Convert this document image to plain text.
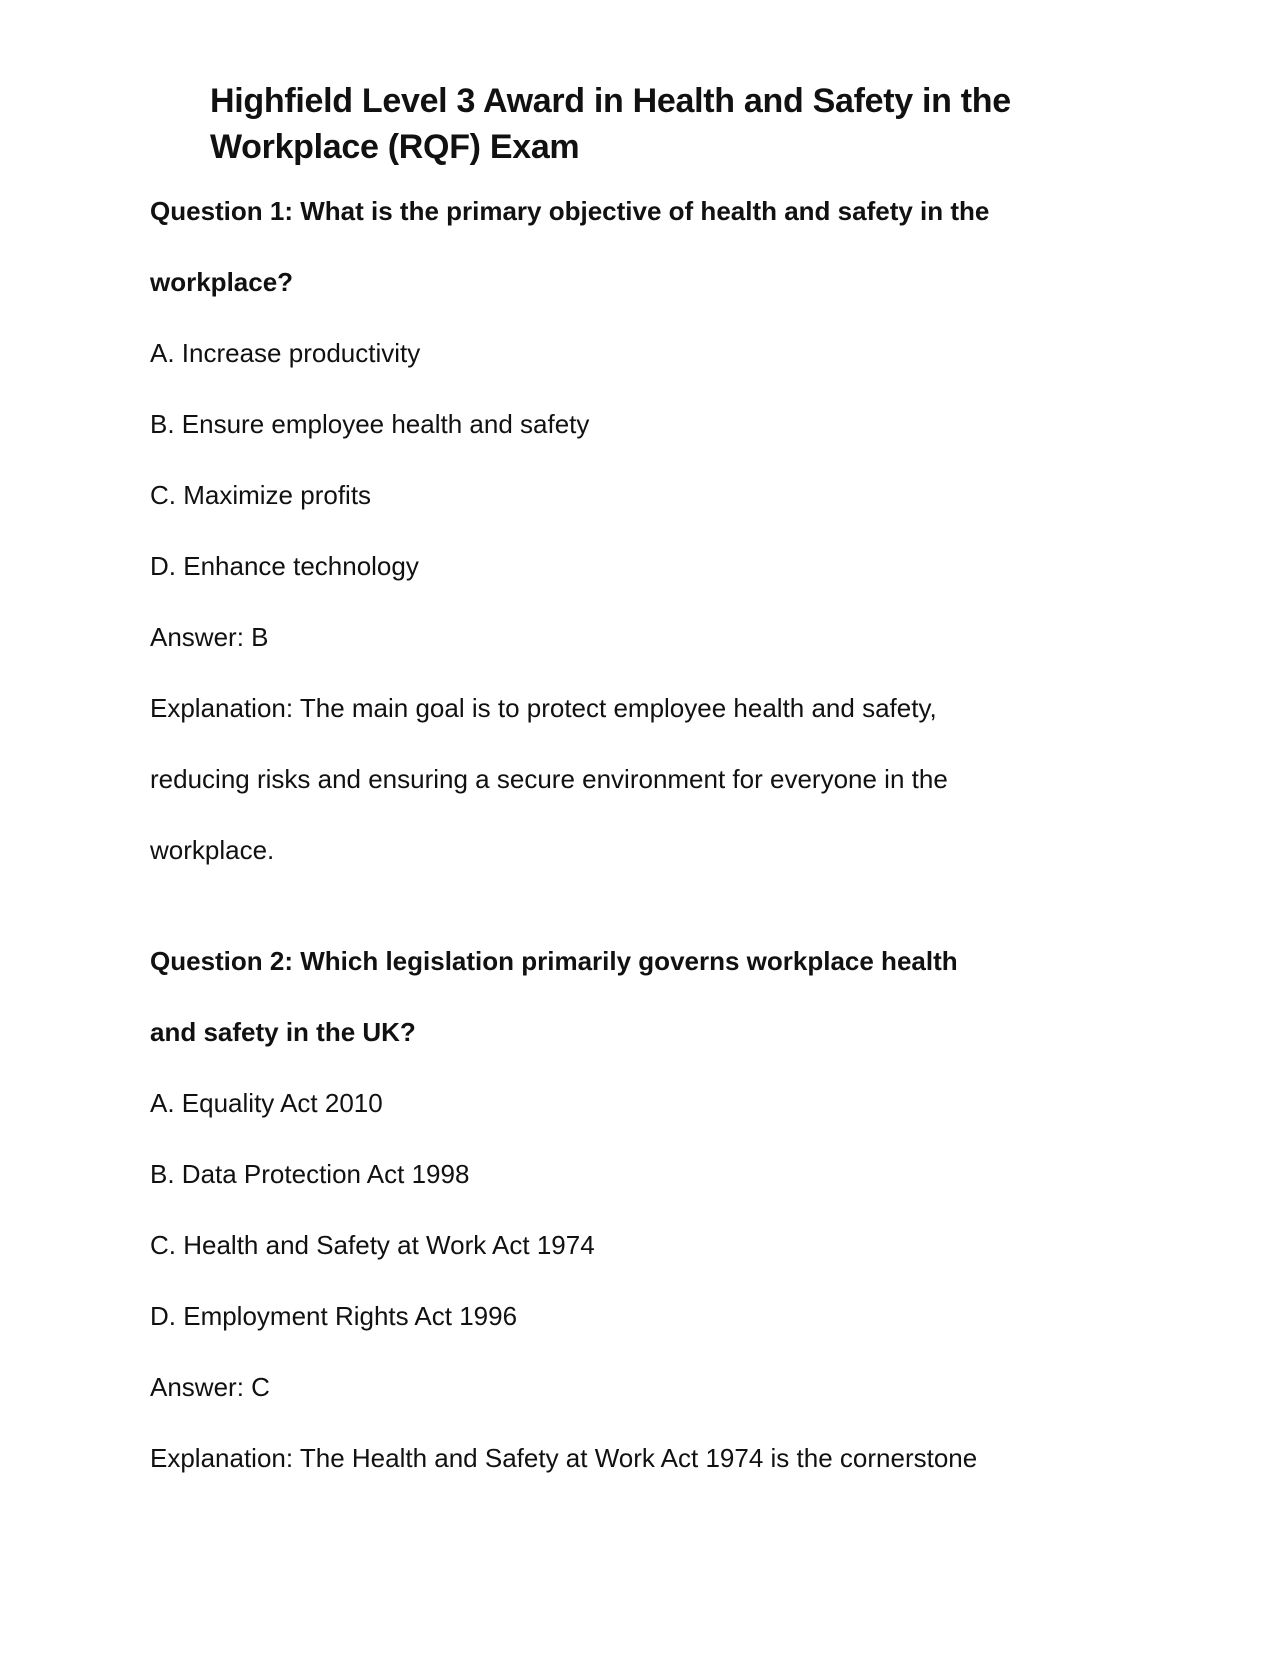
Highfield Level 3 Award in Health and Safety in the Workplace (RQF) Exam

Question 1: What is the primary objective of health and safety in the workplace?

A. Increase productivity

B. Ensure employee health and safety

C. Maximize profits

D. Enhance technology

Answer: B

Explanation: The main goal is to protect employee health and safety, reducing risks and ensuring a secure environment for everyone in the workplace.

Question 2: Which legislation primarily governs workplace health and safety in the UK?

A. Equality Act 2010

B. Data Protection Act 1998

C. Health and Safety at Work Act 1974

D. Employment Rights Act 1996

Answer: C

Explanation: The Health and Safety at Work Act 1974 is the cornerstone
